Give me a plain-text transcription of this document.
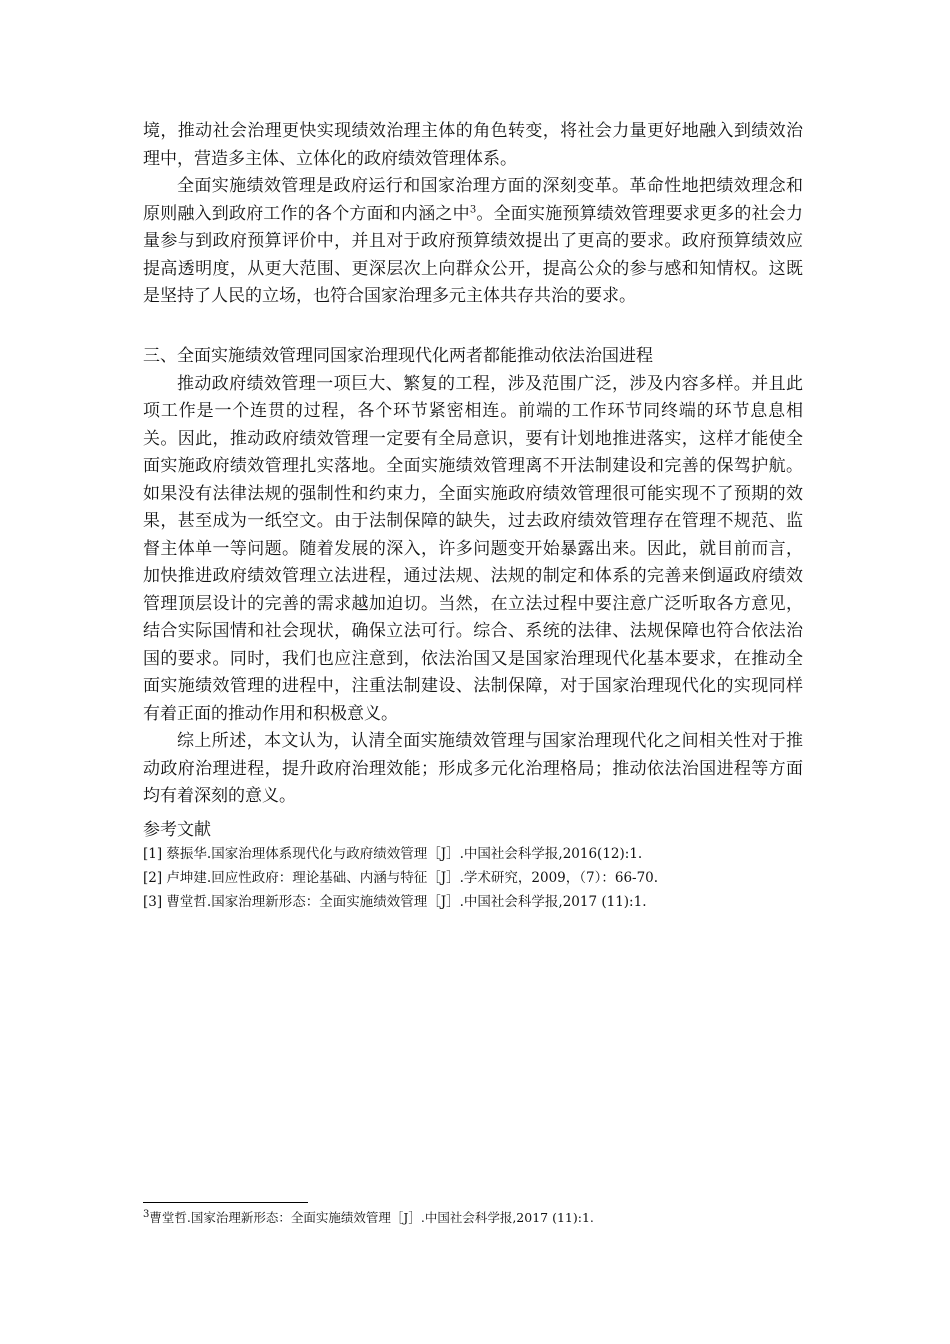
境，推动社会治理更快实现绩效治理主体的角色转变，将社会力量更好地融入到绩效治理中，营造多主体、立体化的政府绩效管理体系。

全面实施绩效管理是政府运行和国家治理方面的深刻变革。革命性地把绩效理念和原则融入到政府工作的各个方面和内涵之中$^3$。全面实施预算绩效管理要求更多的社会力量参与到政府预算评价中，并且对于政府预算绩效提出了更高的要求。政府预算绩效应提高透明度，从更大范围、更深层次上向群众公开，提高公众的参与感和知情权。这既是坚持了人民的立场，也符合国家治理多元主体共存共治的要求。

三、全面实施绩效管理同国家治理现代化两者都能推动依法治国进程

推动政府绩效管理一项巨大、繁复的工程，涉及范围广泛，涉及内容多样。并且此项工作是一个连贯的过程，各个环节紧密相连。前端的工作环节同终端的环节息息相关。因此，推动政府绩效管理一定要有全局意识，要有计划地推进落实，这样才能使全面实施政府绩效管理扎实落地。全面实施绩效管理离不开法制建设和完善的保驾护航。如果没有法律法规的强制性和约束力，全面实施政府绩效管理很可能实现不了预期的效果，甚至成为一纸空文。由于法制保障的缺失，过去政府绩效管理存在管理不规范、监督主体单一等问题。随着发展的深入，许多问题变开始暴露出来。因此，就目前而言，加快推进政府绩效管理立法进程，通过法规、法规的制定和体系的完善来倒逼政府绩效管理顶层设计的完善的需求越加迫切。当然，在立法过程中要注意广泛听取各方意见，结合实际国情和社会现状，确保立法可行。综合、系统的法律、法规保障也符合依法治国的要求。同时，我们也应注意到，依法治国又是国家治理现代化基本要求，在推动全面实施绩效管理的进程中，注重法制建设、法制保障，对于国家治理现代化的实现同样有着正面的推动作用和积极意义。

综上所述，本文认为，认清全面实施绩效管理与国家治理现代化之间相关性对于推动政府治理进程，提升政府治理效能；形成多元化治理格局；推动依法治国进程等方面均有着深刻的意义。

参考文献
[1] 蔡振华.国家治理体系现代化与政府绩效管理［J］.中国社会科学报,2016(12):1.
[2] 卢坤建.回应性政府：理论基础、内涵与特征［J］.学术研究，2009，（7）：66-70.
[3] 曹堂哲.国家治理新形态：全面实施绩效管理［J］.中国社会科学报,2017 (11):1.
$^3$曹堂哲.国家治理新形态：全面实施绩效管理［J］.中国社会科学报,2017 (11):1.
